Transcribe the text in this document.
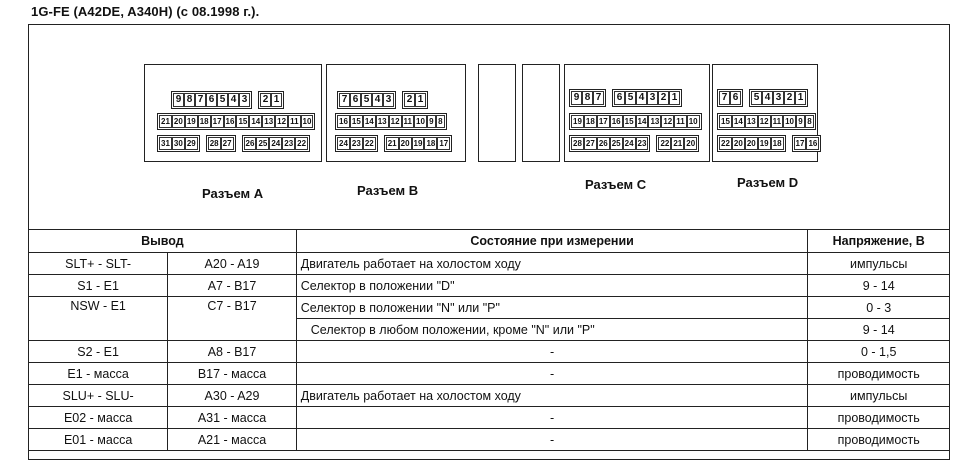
1G-FE (A42DE, A340H) (с 08.1998 г.).
9 8 7 6 5 4 3 2 1
21 20 19 18 17 16 15 14 13 12 11 10
31 30 29 28 27 26 25 24 23 22
7 6 5 4 3 2 1
16 15 14 13 12 11 10 9 8
24 23 22 21 20 19 18 17
9 8 7 6 5 4 3 2 1
19 18 17 16 15 14 13 12 11 10
28 27 26 25 24 23 22 21 20
7 6 5 4 3 2 1
15 14 13 12 11 10 9 8
22 20 20 19 18 17 16
Разъем А	Разъем В	Разъем С	Разъем D
Вывод		Состояние при измерении	Напряжение, В
SLT+ - SLT-	A20 - A19	Двигатель работает на холостом ходу	импульсы
S1 - E1	A7 - B17	Селектор в положении "D"	9 - 14
NSW - E1	C7 - B17	Селектор в положении "N" или "P"	0 - 3
		Селектор в любом положении, кроме "N" или "P"	9 - 14
S2 - E1	A8 - B17	-	0 - 1,5
E1 - масса	B17 - масса	-	проводимость
SLU+ - SLU-	A30 - A29	Двигатель работает на холостом ходу	импульсы
E02 - масса	A31 - масса	-	проводимость
E01 - масса	A21 - масса	-	проводимость
